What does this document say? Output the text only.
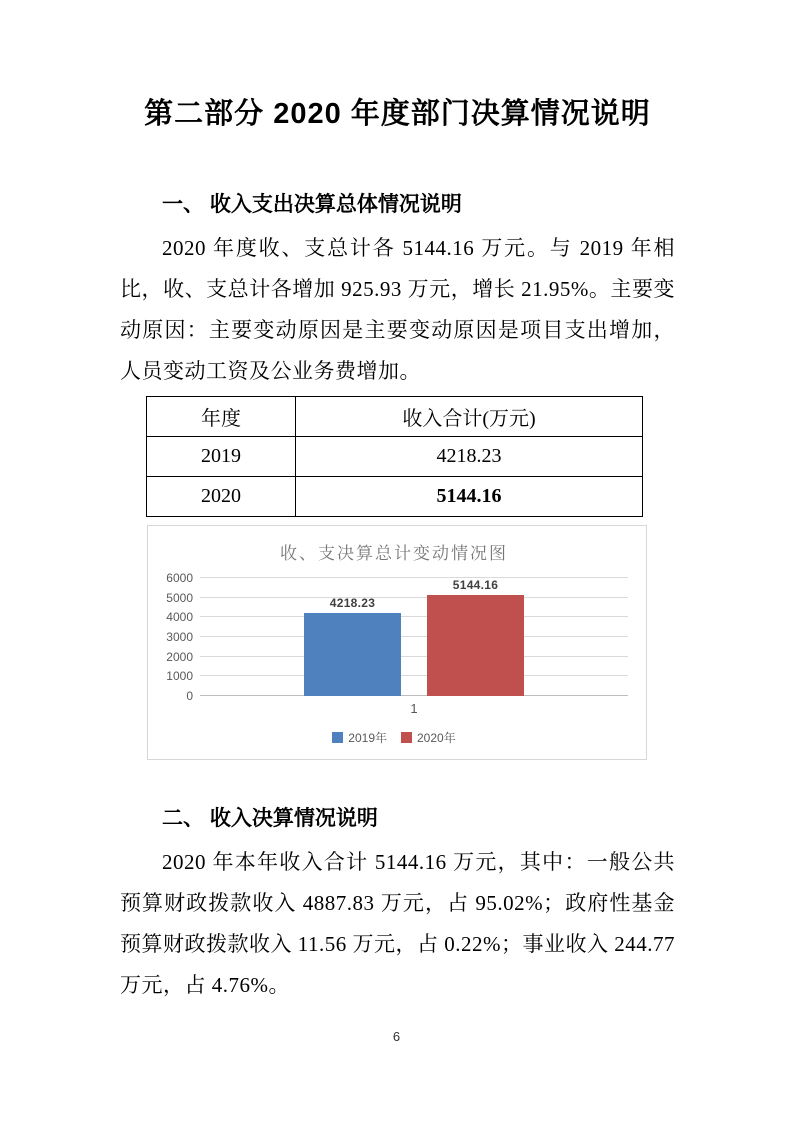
第二部分 2020 年度部门决算情况说明
一、 收入支出决算总体情况说明

2020 年度收、支总计各 5144.16 万元。与 2019 年相比，收、支总计各增加 925.93 万元，增长 21.95%。主要变动原因：主要变动原因是主要变动原因是项目支出增加，人员变动工资及公业务费增加。

年度	收入合计(万元)
2019	4218.23
2020	5144.16
收、支决算总计变动情况图
0
1000
2000
3000
4000
5000
6000
4218.23
5144.16
1
2019年	2020年
二、 收入决算情况说明

2020 年本年收入合计 5144.16 万元，其中：一般公共预算财政拨款收入 4887.83 万元，占 95.02%；政府性基金预算财政拨款收入 11.56 万元，占 0.22%；事业收入 244.77 万元，占 4.76%。

6
